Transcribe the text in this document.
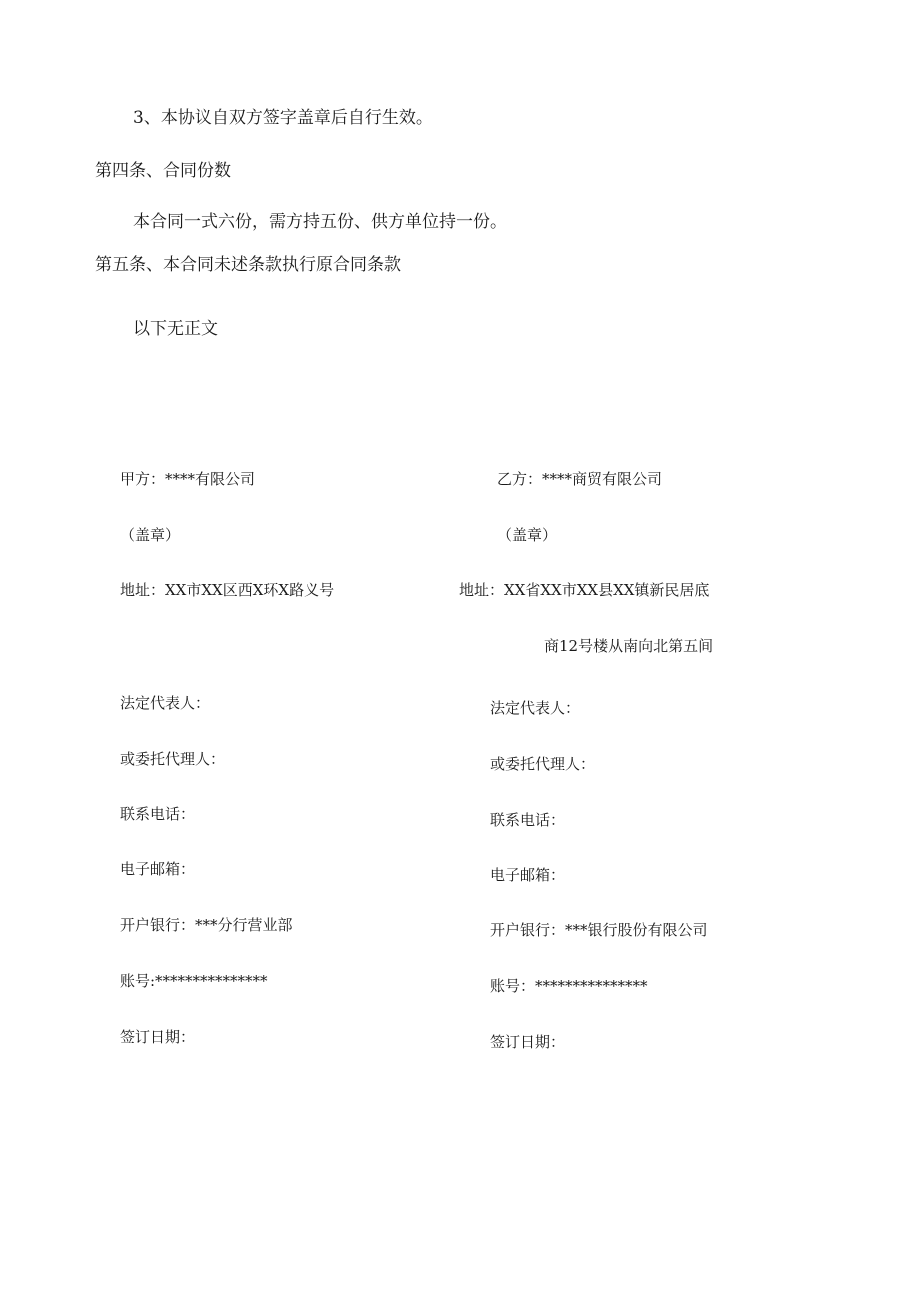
3、本协议自双方签字盖章后自行生效。
第四条、合同份数
本合同一式六份，需方持五份、供方单位持一份。
第五条、本合同未述条款执行原合同条款
以下无正文
甲方：****有限公司
（盖章）
地址：XX市XX区西X环X路义号
法定代表人：
或委托代理人：
联系电话：
电子邮箱：
开户银行：***分行营业部
账号:***************
签订日期：
乙方：****商贸有限公司
（盖章）
地址：XX省XX市XX县XX镇新民居底
商12号楼从南向北第五间
法定代表人：
或委托代理人：
联系电话：
电子邮箱：
开户银行：***银行股份有限公司
账号：***************
签订日期：
